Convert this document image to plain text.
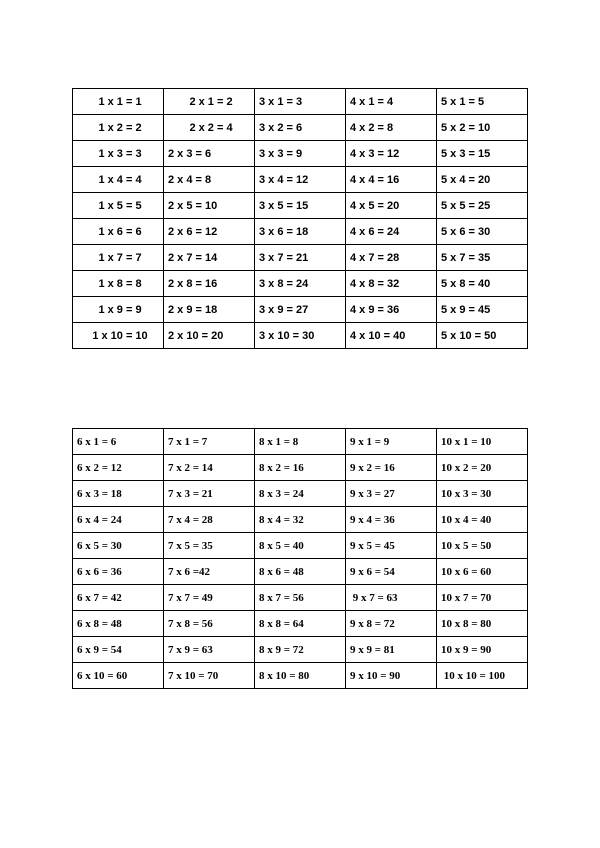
1 x 1 = 1	2 x 1 = 2	3 x 1 = 3	4 x 1 = 4	5 x 1 = 5
1 x 2 = 2	2 x 2 = 4	3 x 2 = 6	4 x 2 = 8	5 x 2 = 10
1 x 3 = 3	2 x 3 = 6	3 x 3 = 9	4 x 3 = 12	5 x 3 = 15
1 x 4 = 4	2 x 4 = 8	3 x 4 = 12	4 x 4 = 16	5 x 4 = 20
1 x 5 = 5	2 x 5 = 10	3 x 5 = 15	4 x 5 = 20	5 x 5 = 25
1 x 6 = 6	2 x 6 = 12	3 x 6 = 18	4 x 6 = 24	5 x 6 = 30
1 x 7 = 7	2 x 7 = 14	3 x 7 = 21	4 x 7 = 28	5 x 7 = 35
1 x 8 = 8	2 x 8 = 16	3 x 8 = 24	4 x 8 = 32	5 x 8 = 40
1 x 9 = 9	2 x 9 = 18	3 x 9 = 27	4 x 9 = 36	5 x 9 = 45
1 x 10 = 10	2 x 10 = 20	3 x 10 = 30	4 x 10 = 40	5 x 10 = 50
6 x 1 = 6	7 x 1 = 7	8 x 1 = 8	9 x 1 = 9	10 x 1 = 10
6 x 2 = 12	7 x 2 = 14	8 x 2 = 16	9 x 2 = 16	10 x 2 = 20
6 x 3 = 18	7 x 3 = 21	8 x 3 = 24	9 x 3 = 27	10 x 3 = 30
6 x 4 = 24	7 x 4 = 28	8 x 4 = 32	9 x 4 = 36	10 x 4 = 40
6 x 5 = 30	7 x 5 = 35	8 x 5 = 40	9 x 5 = 45	10 x 5 = 50
6 x 6 = 36	7 x 6 =42	8 x 6 = 48	9 x 6 = 54	10 x 6 = 60
6 x 7 = 42	7 x 7 = 49	8 x 7 = 56	9 x 7 = 63	10 x 7 = 70
6 x 8 = 48	7 x 8 = 56	8 x 8 = 64	9 x 8 = 72	10 x 8 = 80
6 x 9 = 54	7 x 9 = 63	8 x 9 = 72	9 x 9 = 81	10 x 9 = 90
6 x 10 = 60	7 x 10 = 70	8 x 10 = 80	9 x 10 = 90	10 x 10 = 100
